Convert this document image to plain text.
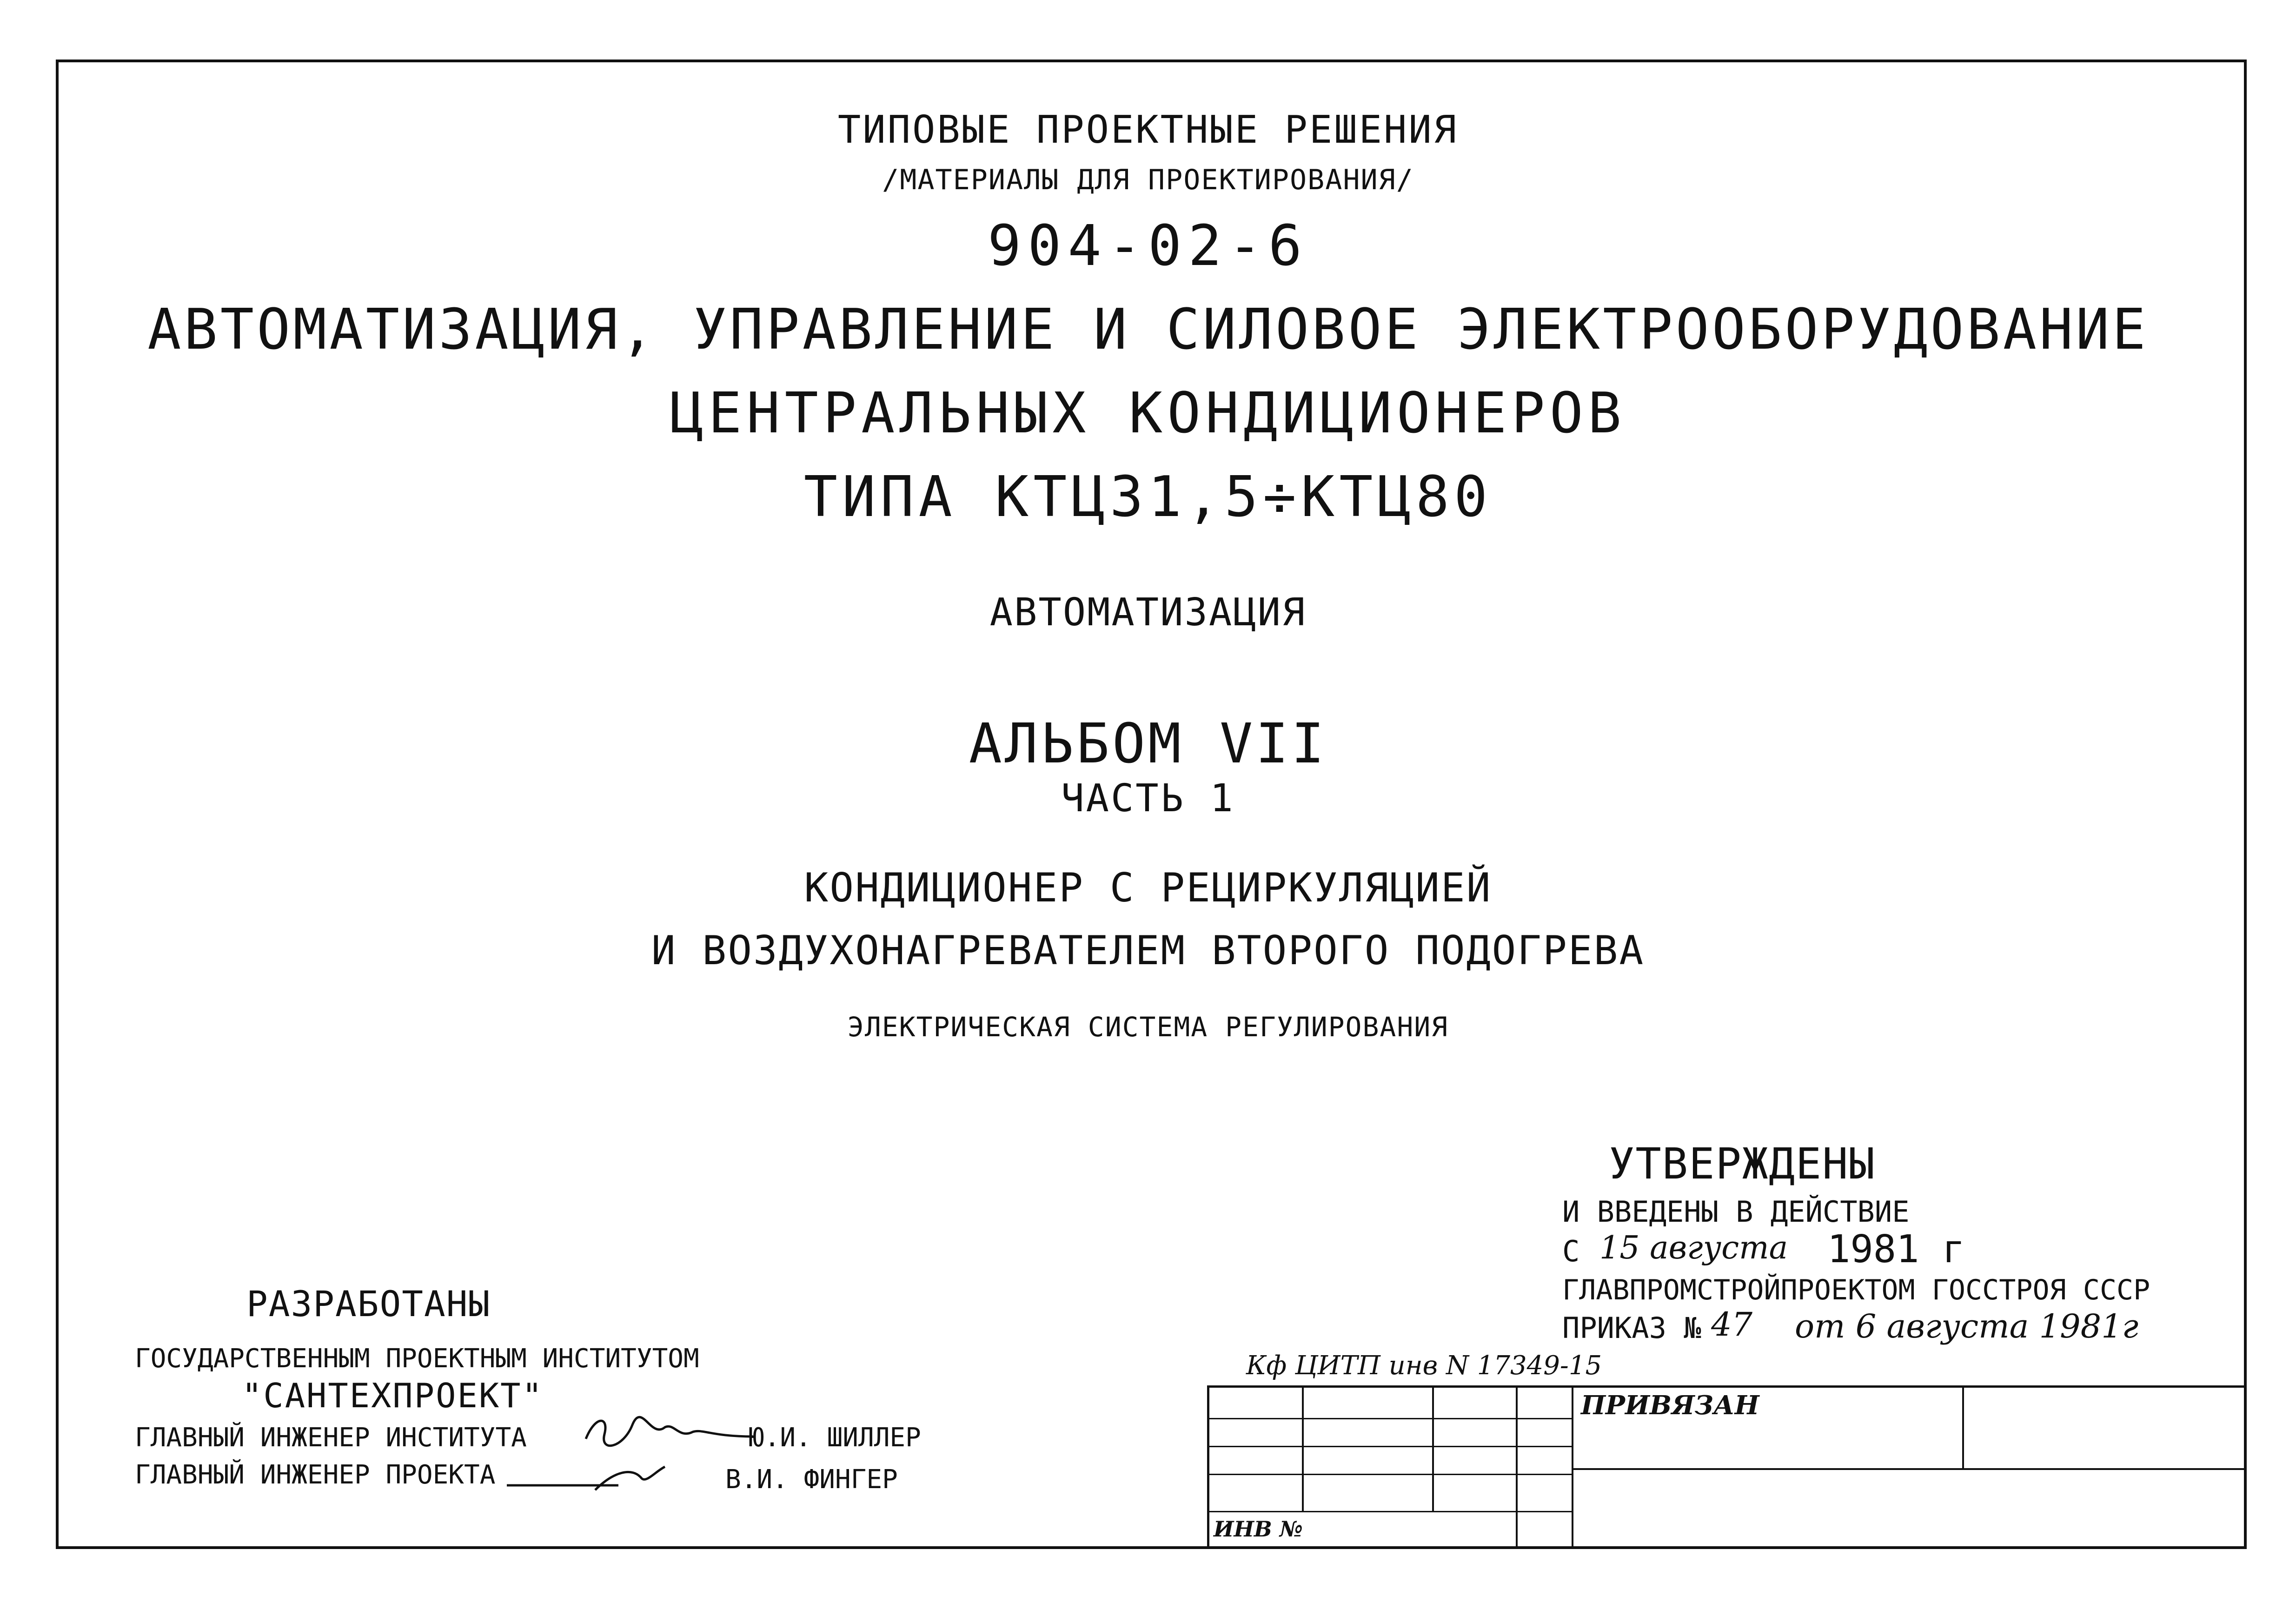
ТИПОВЫЕ ПРОЕКТНЫЕ РЕШЕНИЯ
/МАТЕРИАЛЫ ДЛЯ ПРОЕКТИРОВАНИЯ/
904-02-6
АВТОМАТИЗАЦИЯ, УПРАВЛЕНИЕ И СИЛОВОЕ ЭЛЕКТРООБОРУДОВАНИЕ
ЦЕНТРАЛЬНЫХ КОНДИЦИОНЕРОВ
ТИПА КТЦ31,5÷КТЦ80
АВТОМАТИЗАЦИЯ
АЛЬБОМ VII
ЧАСТЬ 1
КОНДИЦИОНЕР С РЕЦИРКУЛЯЦИЕЙ
И ВОЗДУХОНАГРЕВАТЕЛЕМ ВТОРОГО ПОДОГРЕВА
ЭЛЕКТРИЧЕСКАЯ СИСТЕМА РЕГУЛИРОВАНИЯ
УТВЕРЖДЕНЫ
И ВВЕДЕНЫ В ДЕЙСТВИЕ
С 15 августа 1981 г
ГЛАВПРОМСТРОЙПРОЕКТОМ ГОССТРОЯ СССР
ПРИКАЗ № 47 от 6 августа 1981г
РАЗРАБОТАНЫ
ГОСУДАРСТВЕННЫМ ПРОЕКТНЫМ ИНСТИТУТОМ
"САНТЕХПРОЕКТ"
ГЛАВНЫЙ ИНЖЕНЕР ИНСТИТУТА	Ю.И. ШИЛЛЕР
ГЛАВНЫЙ ИНЖЕНЕР ПРОЕКТА	В.И. ФИНГЕР
Кф ЦИТП инв N 17349-15
ПРИВЯЗАН
ИНВ №
